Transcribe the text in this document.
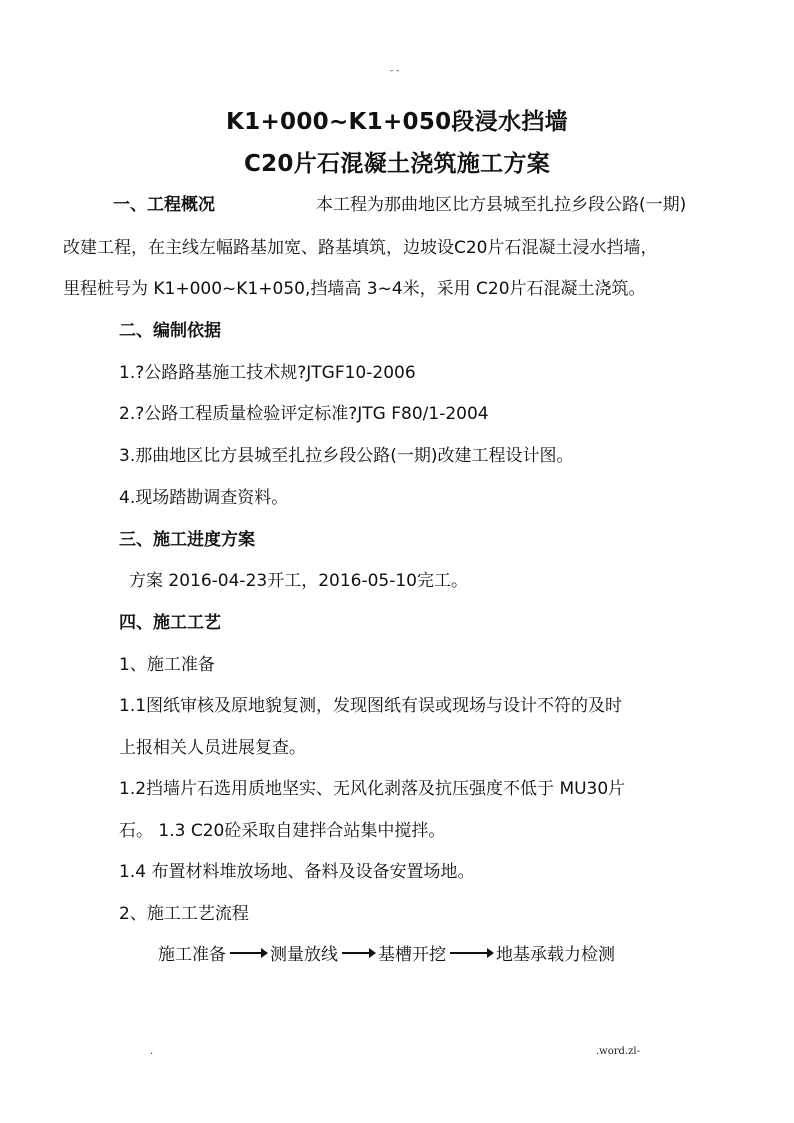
- -
K1+000~K1+050段浸水挡墙
C20片石混凝土浇筑施工方案
一、工程概况	本工程为那曲地区比方县城至扎拉乡段公路(一期)
改建工程，在主线左幅路基加宽、路基填筑，边坡设C20片石混凝土浸水挡墙，
里程桩号为 K1+000~K1+050,挡墙高 3~4米，采用 C20片石混凝土浇筑。
二、编制依据
1.?公路路基施工技术规?JTGF10-2006
2.?公路工程质量检验评定标准?JTG F80/1-2004
3.那曲地区比方县城至扎拉乡段公路(一期)改建工程设计图。
4.现场踏勘调查资料。
三、施工进度方案
方案 2016-04-23开工，2016-05-10完工。
四、施工工艺
1、施工准备
1.1图纸审核及原地貌复测，发现图纸有误或现场与设计不符的及时
上报相关人员进展复查。
1.2挡墙片石选用质地坚实、无风化剥落及抗压强度不低于 MU30片
石。 1.3 C20砼采取自建拌合站集中搅拌。
1.4 布置材料堆放场地、备料及设备安置场地。
2、施工工艺流程
施工准备	测量放线 基槽开挖	地基承载力检测
.	.word.zl-
